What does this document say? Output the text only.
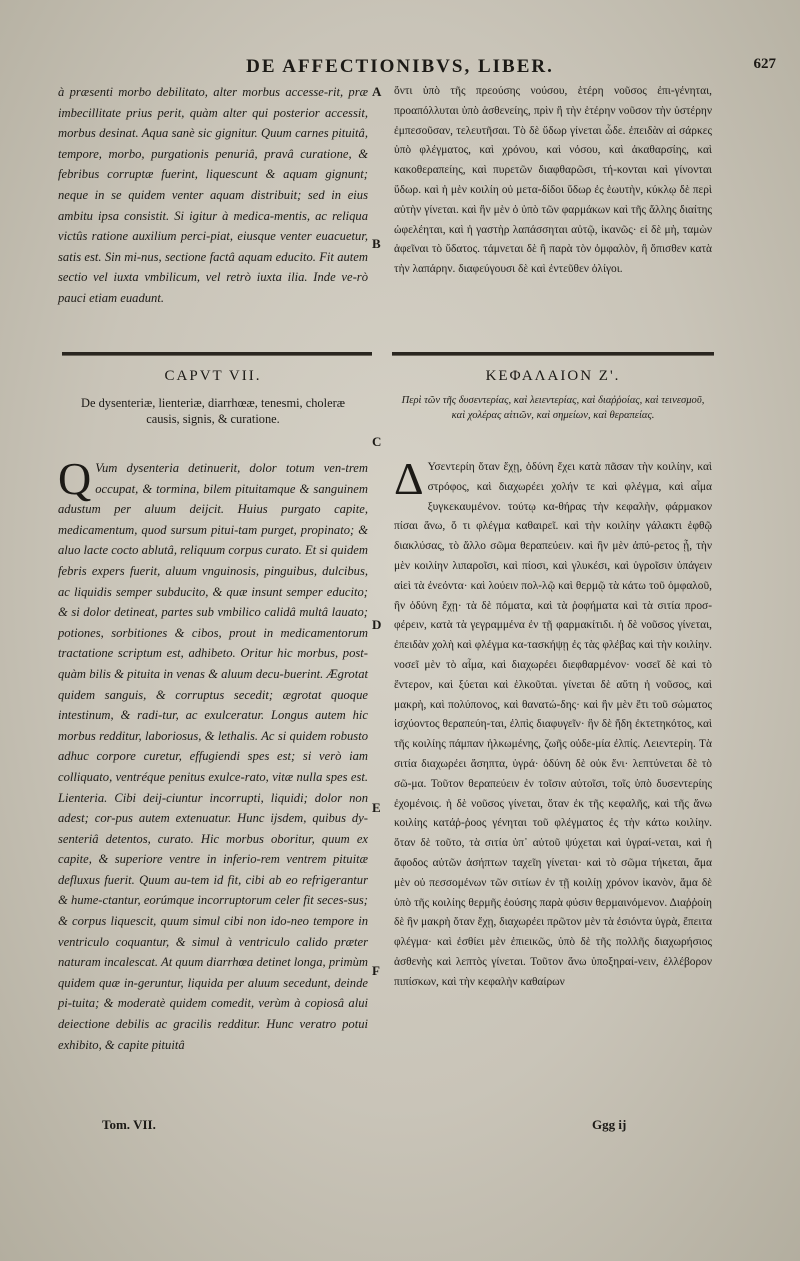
DE AFFECTIONIBVS, LIBER.	627

à præsenti morbo debilitato, alter morbus accesse-rit, præ imbecillitate prius perit, quàm alter qui posterior accessit, morbus desinat. Aqua sanè sic gignitur. Quum carnes pituitâ, tempore, morbo, purgationis penuriâ, pravâ curatione, & febribus corruptæ fuerint, liquescunt & aquam gignunt; neque in se quidem venter aquam distribuit; sed in eius ambitu ipsa consistit. Si igitur à medica-mentis, ac reliqua victûs ratione auxilium perci-piat, eiusque venter euacuetur, satis est. Sin mi-nus, sectione factâ aquam educito. Fit autem sectio vel iuxta vmbilicum, vel retrò iuxta ilia. Inde ve-rò pauci etiam euadunt.

CAPVT VII.
De dysenteriæ, lienteriæ, diarrhœæ, tenesmi, choleræ causis, signis, & curatione.

Q Vum dysenteria detinuerit, dolor totum ven-trem occupat, & tormina, bilem pituitamque & sanguinem adustum per aluum deijcit. Huius purgato capite, medicamentum, quod sursum pitui-tam purget, propinato; & aluo lacte cocto ablutâ, reliquum corpus curato. Et si quidem febris expers fuerit, aluum vnguinosis, pinguibus, dulcibus, ac liquidis semper subducito, & quæ insunt semper educito; & si dolor detineat, partes sub vmbilico calidâ multâ lauato; potiones, sorbitiones & cibos, prout in medicamentorum tractatione scriptum est, adhibeto. Oritur hic morbus, post-quàm bilis & pituita in venas & aluum decu-buerint. Ægrotat quidem sanguis, & corruptus secedit; ægrotat quoque intestinum, & radi-tur, ac exulceratur. Longus autem hic morbus redditur, laboriosus, & lethalis. Ac si quidem robusto adhuc corpore curetur, effugiendi spes est; si verò iam colliquato, ventréque penitus exulce-rato, vitæ nulla spes est. Lienteria. Cibi deij-ciuntur incorrupti, liquidi; dolor non adest; cor-pus autem extenuatur. Hunc ijsdem, quibus dy-senteriâ detentos, curato. Hic morbus oboritur, quum ex capite, & superiore ventre in inferio-rem ventrem pituitæ defluxus fuerit. Quum au-tem id fit, cibi ab eo refrigerantur & hume-ctantur, eorúmque incorruptorum celer fit seces-sus; & corpus liquescit, quum simul cibi non ido-neo tempore in ventriculo coquantur, & simul à ventriculo calido præter naturam incalescat. At quum diarrhœa detinet longa, primùm quidem quæ in-geruntur, liquida per aluum secedunt, deinde pi-tuita; & moderatè quidem comedit, verùm à copiosâ alui deiectione debilis ac gracilis redditur. Hunc veratro potui exhibito, & capite pituitâ

A
B
C
D
E
F

ὄντι ὑπὸ τῆς πρεούσης νούσου, ἑτέρη νοῦσος ἐπι-γένηται, προαπόλλυται ὑπὸ ἀσθενείης, πρὶν ἢ τὴν ἑτέρην νοῦσον τὴν ὑστέρην ἐμπεσοῦσαν, τελευτῆσαι. Τὸ δὲ ὕδωρ γίνεται ὧδε. ἐπειδὰν αἱ σάρκες ὑπὸ φλέγματος, καὶ χρόνου, καὶ νόσου, καὶ ἀκαθαρσίης, καὶ κακοθεραπείης, καὶ πυρετῶν διαφθαρῶσι, τή-κονται καὶ γίνονται ὕδωρ. καὶ ἡ μὲν κοιλίη οὐ μετα-δίδοι ὕδωρ ἐς ἑωυτὴν, κύκλῳ δὲ περὶ αὐτὴν γίνεται. καὶ ἢν μὲν ὁ ὑπὸ τῶν φαρμάκων καὶ τῆς ἄλλης διαίτης ὠφελέηται, καὶ ἡ γαστὴρ λαπάσσηται αὐτῷ, ἱκανῶς· εἰ δὲ μὴ, ταμὼν ἀφεῖναι τὸ ὕδατος. τάμνεται δὲ ἢ παρὰ τὸν ὀμφαλὸν, ἢ ὄπισθεν κατὰ τὴν λαπάρην. διαφεύγουσι δὲ καὶ ἐντεῦθεν ὀλίγοι.

ΚΕΦΑΛΑΙΟΝ Ζ'.
Περὶ τῶν τῆς δυσεντερίας, καὶ λειεντερίας, καὶ διαῤῥοίας, καὶ τεινεσμοῦ, καὶ χολέρας αἰτιῶν, καὶ σημείων, καὶ θεραπείας.

Δ Υσεντερίη ὅταν ἔχῃ, ὀδύνη ἔχει κατὰ πᾶσαν τὴν κοιλίην, καὶ στρόφος, καὶ διαχωρέει χολήν τε καὶ φλέγμα, καὶ αἷμα ξυγκεκαυμένον. τούτῳ κα-θήρας τὴν κεφαλὴν, φάρμακον πίσαι ἄνω, ὅ τι φλέγμα καθαιρεῖ. καὶ τὴν κοιλίην γάλακτι ἑφθῷ διακλύσας, τὸ ἄλλο σῶμα θεραπεύειν. καὶ ἢν μὲν ἀπύ-ρετος ᾖ, τὴν μὲν κοιλίην λιπαροῖσι, καὶ πίοσι, καὶ γλυκέσι, καὶ ὑγροῖσιν ὑπάγειν αἰεὶ τὰ ἐνεόντα· καὶ λούειν πολ-λῷ καὶ θερμῷ τὰ κάτω τοῦ ὀμφαλοῦ, ἢν ὀδύνη ἔχῃ· τὰ δὲ πόματα, καὶ τὰ ῥοφήματα καὶ τὰ σιτία προσ-φέρειν, κατὰ τὰ γεγραμμένα ἐν τῇ φαρμακίτιδι. ἡ δὲ νοῦσος γίνεται, ἐπειδὰν χολὴ καὶ φλέγμα κα-τασκήψῃ ἐς τὰς φλέβας καὶ τὴν κοιλίην. νοσεῖ μὲν τὸ αἷμα, καὶ διαχωρέει διεφθαρμένον· νοσεῖ δὲ καὶ τὸ ἔντερον, καὶ ξύεται καὶ ἑλκοῦται. γίνεται δὲ αὕτη ἡ νοῦσος, καὶ μακρὴ, καὶ πολύπονος, καὶ θανατώ-δης· καὶ ἢν μὲν ἔτι τοῦ σώματος ἰσχύοντος θεραπεύη-ται, ἐλπὶς διαφυγεῖν· ἢν δὲ ἤδη ἐκτετηκότος, καὶ τῆς κοιλίης πάμπαν ἡλκωμένης, ζωῆς οὐδε-μία ἐλπίς. Λειεντερίη. Τὰ σιτία διαχωρέει ἄσηπτα, ὑγρά· ὀδύνη δὲ οὐκ ἔνι· λεπτύνεται δὲ τὸ σῶ-μα. Τοῦτον θεραπεύειν ἐν τοῖσιν αὐτοῖσι, τοῖς ὑπὸ δυσεντερίης ἐχομένοις. ἡ δὲ νοῦσος γίνεται, ὅταν ἐκ τῆς κεφαλῆς, καὶ τῆς ἄνω κοιλίης κατάῤ-ῥοος γένηται τοῦ φλέγματος ἐς τὴν κάτω κοιλίην. ὅταν δὲ τοῦτο, τὰ σιτία ὑπ᾽ αὐτοῦ ψύχεται καὶ ὑγραί-νεται, καὶ ἡ ἄφοδος αὐτῶν ἀσήπτων ταχεῖη γίνεται· καὶ τὸ σῶμα τήκεται, ἅμα μὲν οὐ πεσσομένων τῶν σιτίων ἐν τῇ κοιλίῃ χρόνον ἱκανὸν, ἅμα δὲ ὑπὸ τῆς κοιλίης θερμῆς ἐούσης παρὰ φύσιν θερμαινόμενον. Διαῤῥοίη δὲ ἢν μακρὴ ὅταν ἔχῃ, διαχωρέει πρῶτον μὲν τὰ ἐσιόντα ὑγρὰ, ἔπειτα φλέγμα· καὶ ἐσθίει μὲν ἐπιεικῶς, ὑπὸ δὲ τῆς πολλῆς διαχωρήσιος ἀσθενὴς καὶ λεπτὸς γίνεται. Τοῦτον ἄνω ὑποξηραί-νειν, ἐλλέβορον πιπίσκων, καὶ τὴν κεφαλὴν καθαίρων

Tom. VII.	Ggg ij
